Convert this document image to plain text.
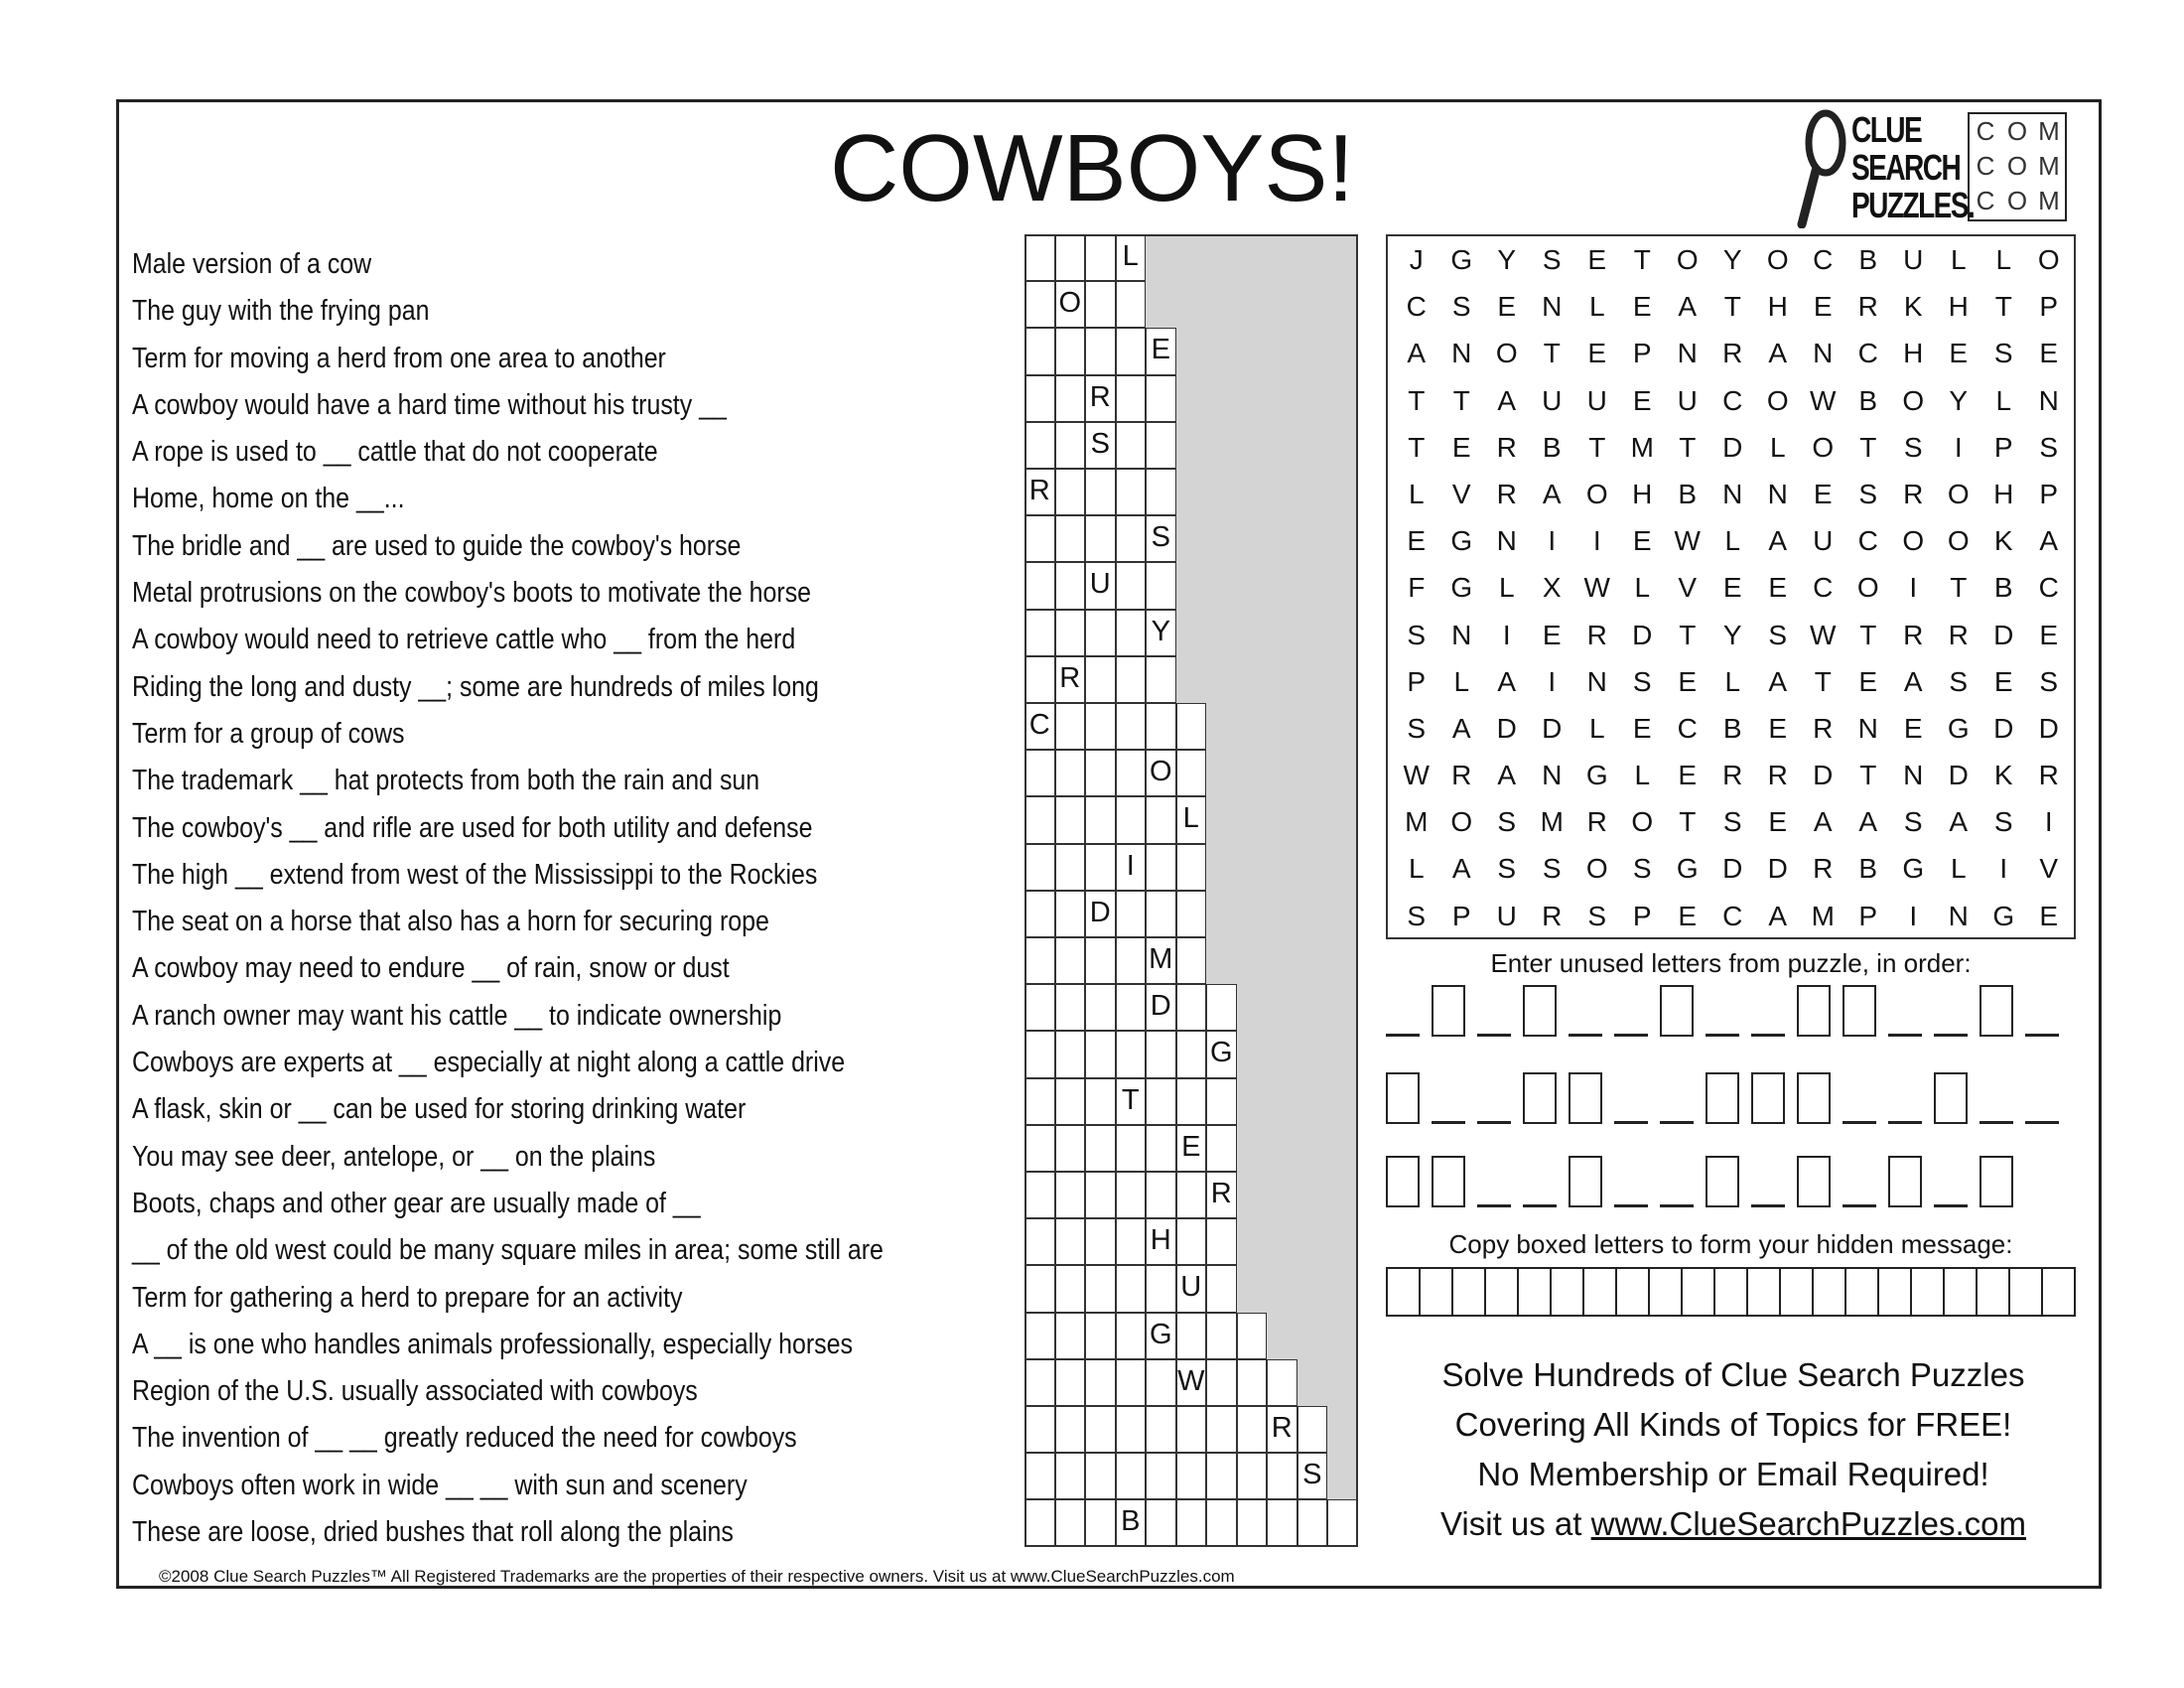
COWBOYS!	CLUE
SEARCH
PUZZLES.
C O M
C O M
C O M
Male version of a cow
The guy with the frying pan
Term for moving a herd from one area to another
A cowboy would have a hard time without his trusty __
A rope is used to __ cattle that do not cooperate
Home, home on the __...
The bridle and __ are used to guide the cowboy's horse
Metal protrusions on the cowboy's boots to motivate the horse
A cowboy would need to retrieve cattle who __ from the herd
Riding the long and dusty __; some are hundreds of miles long
Term for a group of cows
The trademark __ hat protects from both the rain and sun
The cowboy's __ and rifle are used for both utility and defense
The high __ extend from west of the Mississippi to the Rockies
The seat on a horse that also has a horn for securing rope
A cowboy may need to endure __ of rain, snow or dust
A ranch owner may want his cattle __ to indicate ownership
Cowboys are experts at __ especially at night along a cattle drive
A flask, skin or __ can be used for storing drinking water
You may see deer, antelope, or __ on the plains
Boots, chaps and other gear are usually made of __
__ of the old west could be many square miles in area; some still are
Term for gathering a herd to prepare for an activity
A __ is one who handles animals professionally, especially horses
Region of the U.S. usually associated with cowboys
The invention of __ __ greatly reduced the need for cowboys
Cowboys often work in wide __ __ with sun and scenery
These are loose, dried bushes that roll along the plains
L
O
E
R
S
R
S
U
Y
R
C
O
L
I
D
M
D
G
T
E
R
H
U
G
W
R
S
B
J G Y S E T O Y O C B U L	L O
C S E N L	E A T H E R K H T P
A N O T E P N R A N C H E S E
T	T A U U E U C O W B O Y	L N
T E R B T M T D L O T S	I	P S
L	V R A O H B N N E S R O H P
E G N	I	I	E W L	A U C O O K A
F G L	X W L	V E E C O	I	T B C
S N	I	E R D T Y S W T R R D E
P	L	A	I	N S E	L	A T E A S E S
S A D D L	E C B E R N E G D D
W R A N G L	E R R D T N D K R
M O S M R O T S E A A S A S	I
L	A S S O S G D D R B G L	I	V
S P U R S P E C A M P	I	N G E
Enter unused letters from puzzle, in order:
Copy boxed letters to form your hidden message:
Solve Hundreds of Clue Search Puzzles
Covering All Kinds of Topics for FREE!
No Membership or Email Required!
Visit us at www.ClueSearchPuzzles.com
©2008 Clue Search Puzzles™ All Registered Trademarks are the properties of their respective owners. Visit us at www.ClueSearchPuzzles.com
